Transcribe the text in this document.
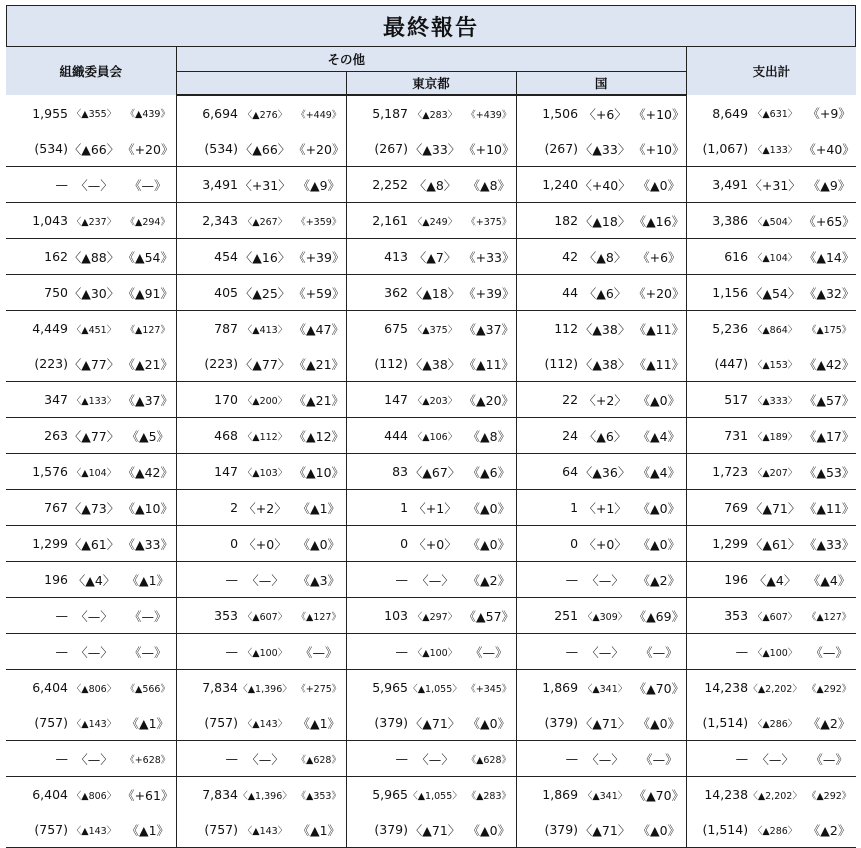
最終報告
組織委員会			その他									支出計		
						東京都			国					
1,955	〈▲355〉	《▲439》	6,694	〈▲276〉	《+449》	5,187	〈▲283〉	《+439》	1,506	〈+6〉	《+10》	8,649	〈▲631〉	《+9》
(534)	〈▲66〉	《+20》	(534)	〈▲66〉	《+20》	(267)	〈▲33〉	《+10》	(267)	〈▲33〉	《+10》	(1,067)	〈▲133〉	《+40》
—	〈—〉	《—》	3,491	〈+31〉	《▲9》	2,252	〈▲8〉	《▲8》	1,240	〈+40〉	《▲0》	3,491	〈+31〉	《▲9》
1,043	〈▲237〉	《▲294》	2,343	〈▲267〉	《+359》	2,161	〈▲249〉	《+375》	182	〈▲18〉	《▲16》	3,386	〈▲504〉	《+65》
162	〈▲88〉	《▲54》	454	〈▲16〉	《+39》	413	〈▲7〉	《+33》	42	〈▲8〉	《+6》	616	〈▲104〉	《▲14》
750	〈▲30〉	《▲91》	405	〈▲25〉	《+59》	362	〈▲18〉	《+39》	44	〈▲6〉	《+20》	1,156	〈▲54〉	《▲32》
4,449	〈▲451〉	《▲127》	787	〈▲413〉	《▲47》	675	〈▲375〉	《▲37》	112	〈▲38〉	《▲11》	5,236	〈▲864〉	《▲175》
(223)	〈▲77〉	《▲21》	(223)	〈▲77〉	《▲21》	(112)	〈▲38〉	《▲11》	(112)	〈▲38〉	《▲11》	(447)	〈▲153〉	《▲42》
347	〈▲133〉	《▲37》	170	〈▲200〉	《▲21》	147	〈▲203〉	《▲20》	22	〈+2〉	《▲0》	517	〈▲333〉	《▲57》
263	〈▲77〉	《▲5》	468	〈▲112〉	《▲12》	444	〈▲106〉	《▲8》	24	〈▲6〉	《▲4》	731	〈▲189〉	《▲17》
1,576	〈▲104〉	《▲42》	147	〈▲103〉	《▲10》	83	〈▲67〉	《▲6》	64	〈▲36〉	《▲4》	1,723	〈▲207〉	《▲53》
767	〈▲73〉	《▲10》	2	〈+2〉	《▲1》	1	〈+1〉	《▲0》	1	〈+1〉	《▲0》	769	〈▲71〉	《▲11》
1,299	〈▲61〉	《▲33》	0	〈+0〉	《▲0》	0	〈+0〉	《▲0》	0	〈+0〉	《▲0》	1,299	〈▲61〉	《▲33》
196	〈▲4〉	《▲1》	—	〈—〉	《▲3》	—	〈—〉	《▲2》	—	〈—〉	《▲2》	196	〈▲4〉	《▲4》
—	〈—〉	《—》	353	〈▲607〉	《▲127》	103	〈▲297〉	《▲57》	251	〈▲309〉	《▲69》	353	〈▲607〉	《▲127》
—	〈—〉	《—》	—	〈▲100〉	《—》	—	〈▲100〉	《—》	—	〈—〉	《—》	—	〈▲100〉	《—》
6,404	〈▲806〉	《▲566》	7,834	〈▲1,396〉	《+275》	5,965	〈▲1,055〉	《+345》	1,869	〈▲341〉	《▲70》	14,238	〈▲2,202〉	《▲292》
(757)	〈▲143〉	《▲1》	(757)	〈▲143〉	《▲1》	(379)	〈▲71〉	《▲0》	(379)	〈▲71〉	《▲0》	(1,514)	〈▲286〉	《▲2》
—	〈—〉	《+628》	—	〈—〉	《▲628》	—	〈—〉	《▲628》	—	〈—〉	《—》	—	〈—〉	《—》
6,404	〈▲806〉	《+61》	7,834	〈▲1,396〉	《▲353》	5,965	〈▲1,055〉	《▲283》	1,869	〈▲341〉	《▲70》	14,238	〈▲2,202〉	《▲292》
(757)	〈▲143〉	《▲1》	(757)	〈▲143〉	《▲1》	(379)	〈▲71〉	《▲0》	(379)	〈▲71〉	《▲0》	(1,514)	〈▲286〉	《▲2》
